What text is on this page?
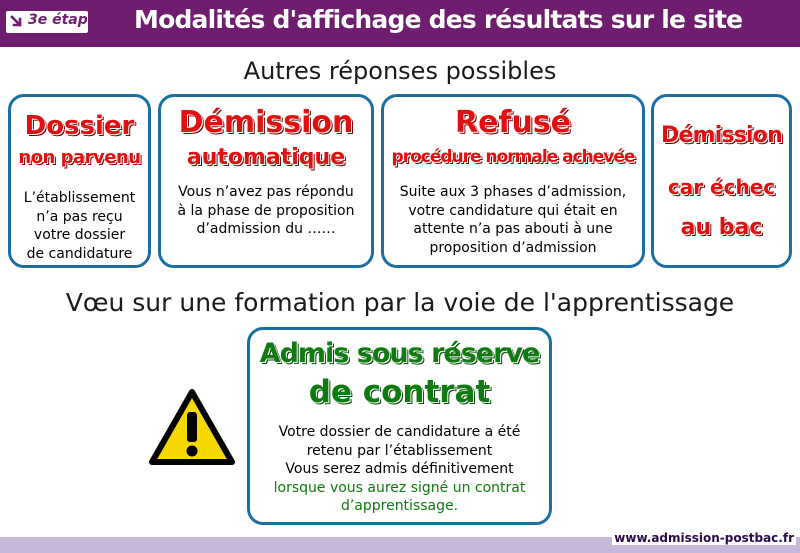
3e étape Modalités d'affichage des résultats sur le site
Autres réponses possibles
Dossier
non parvenu
L’établissement
n’a pas reçu
votre dossier
de candidature
Démission
automatique
Vous n’avez pas répondu
à la phase de proposition
d’admission du ……
Refusé
procédure normale achevée
Suite aux 3 phases d’admission,
votre candidature qui était en
attente n’a pas abouti à une
proposition d’admission
Démission
car échec
au bac
Vœu sur une formation par la voie de l'apprentissage
Admis sous réserve
de contrat
Votre dossier de candidature a été
retenu par l’établissement
Vous serez admis définitivement
lorsque vous aurez signé un contrat
d’apprentissage.
www.admission-postbac.fr
